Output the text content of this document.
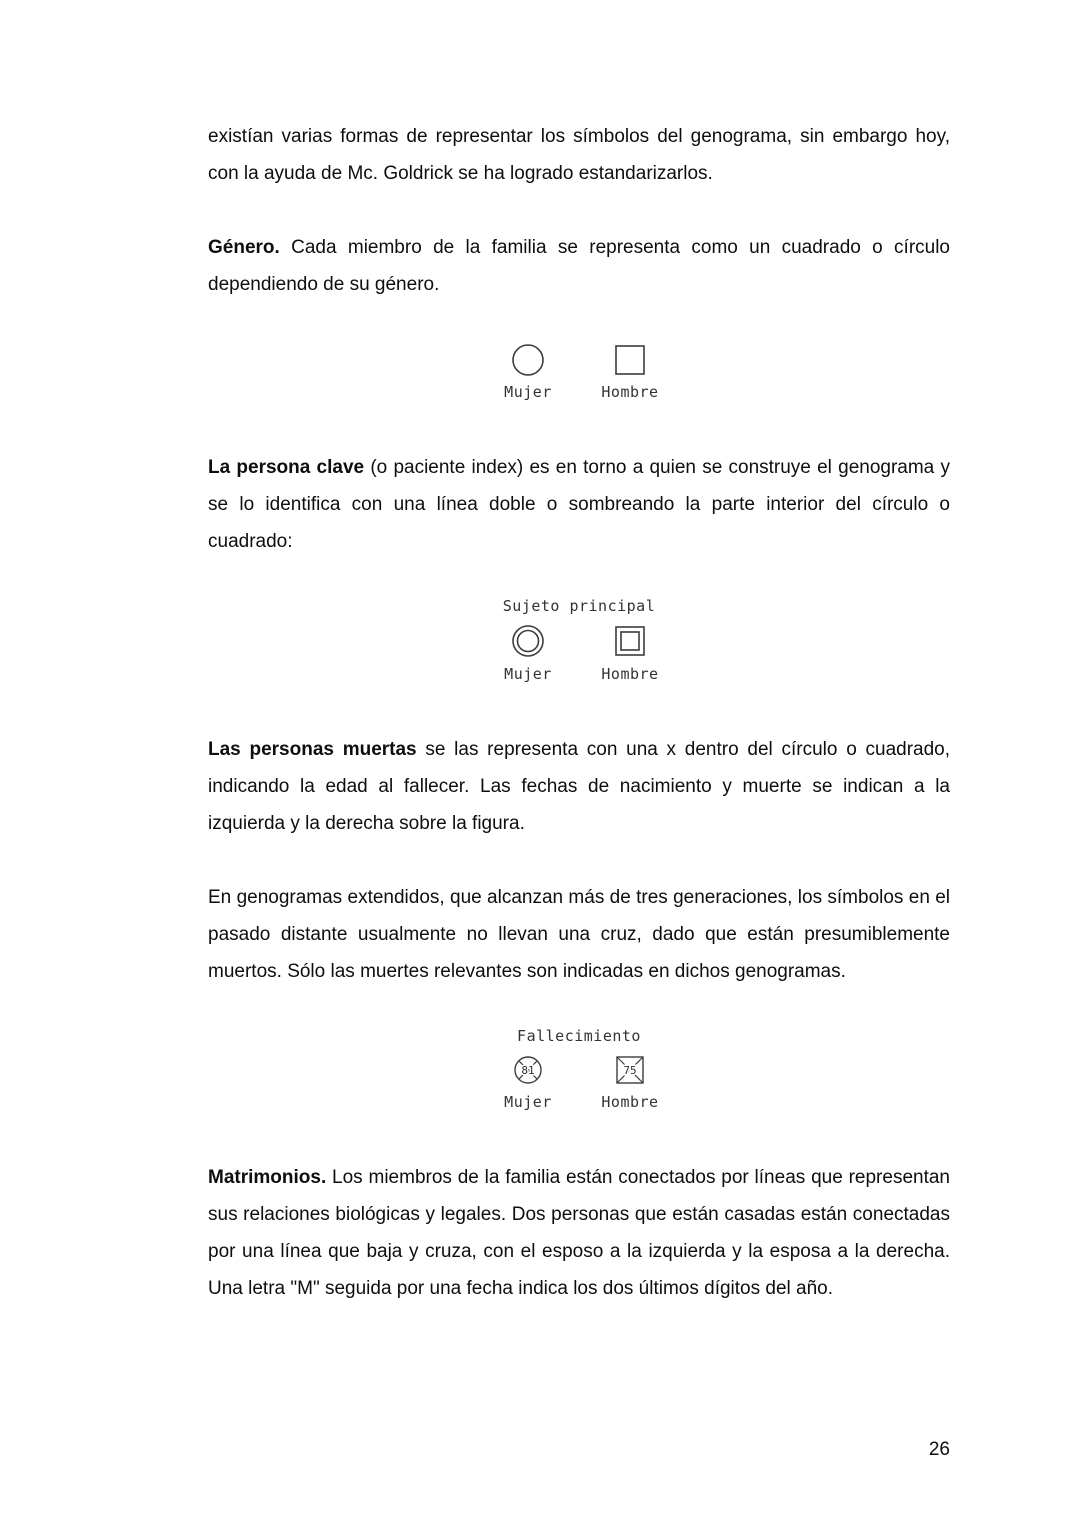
existían varias formas de representar los símbolos del genograma, sin embargo hoy, con la ayuda de Mc. Goldrick se ha logrado estandarizarlos.

Género. Cada miembro de la familia se representa como un cuadrado o círculo dependiendo de su género.

Mujer	Hombre

La persona clave (o paciente index) es en torno a quien se construye el genograma y se lo identifica con una línea doble o sombreando la parte interior del círculo o cuadrado:

Sujeto principal
Mujer	Hombre

Las personas muertas se las representa con una x dentro del círculo o cuadrado, indicando la edad al fallecer. Las fechas de nacimiento y muerte se indican a la izquierda y la derecha sobre la figura.

En genogramas extendidos, que alcanzan más de tres generaciones, los símbolos en el pasado distante usualmente no llevan una cruz, dado que están presumiblemente muertos. Sólo las muertes relevantes son indicadas en dichos genogramas.

Fallecimiento
81
Mujer
75
Hombre

Matrimonios. Los miembros de la familia están conectados por líneas que representan sus relaciones biológicas y legales. Dos personas que están casadas están conectadas por una línea que baja y cruza, con el esposo a la izquierda y la esposa a la derecha. Una letra "M" seguida por una fecha indica los dos últimos dígitos del año.

26
